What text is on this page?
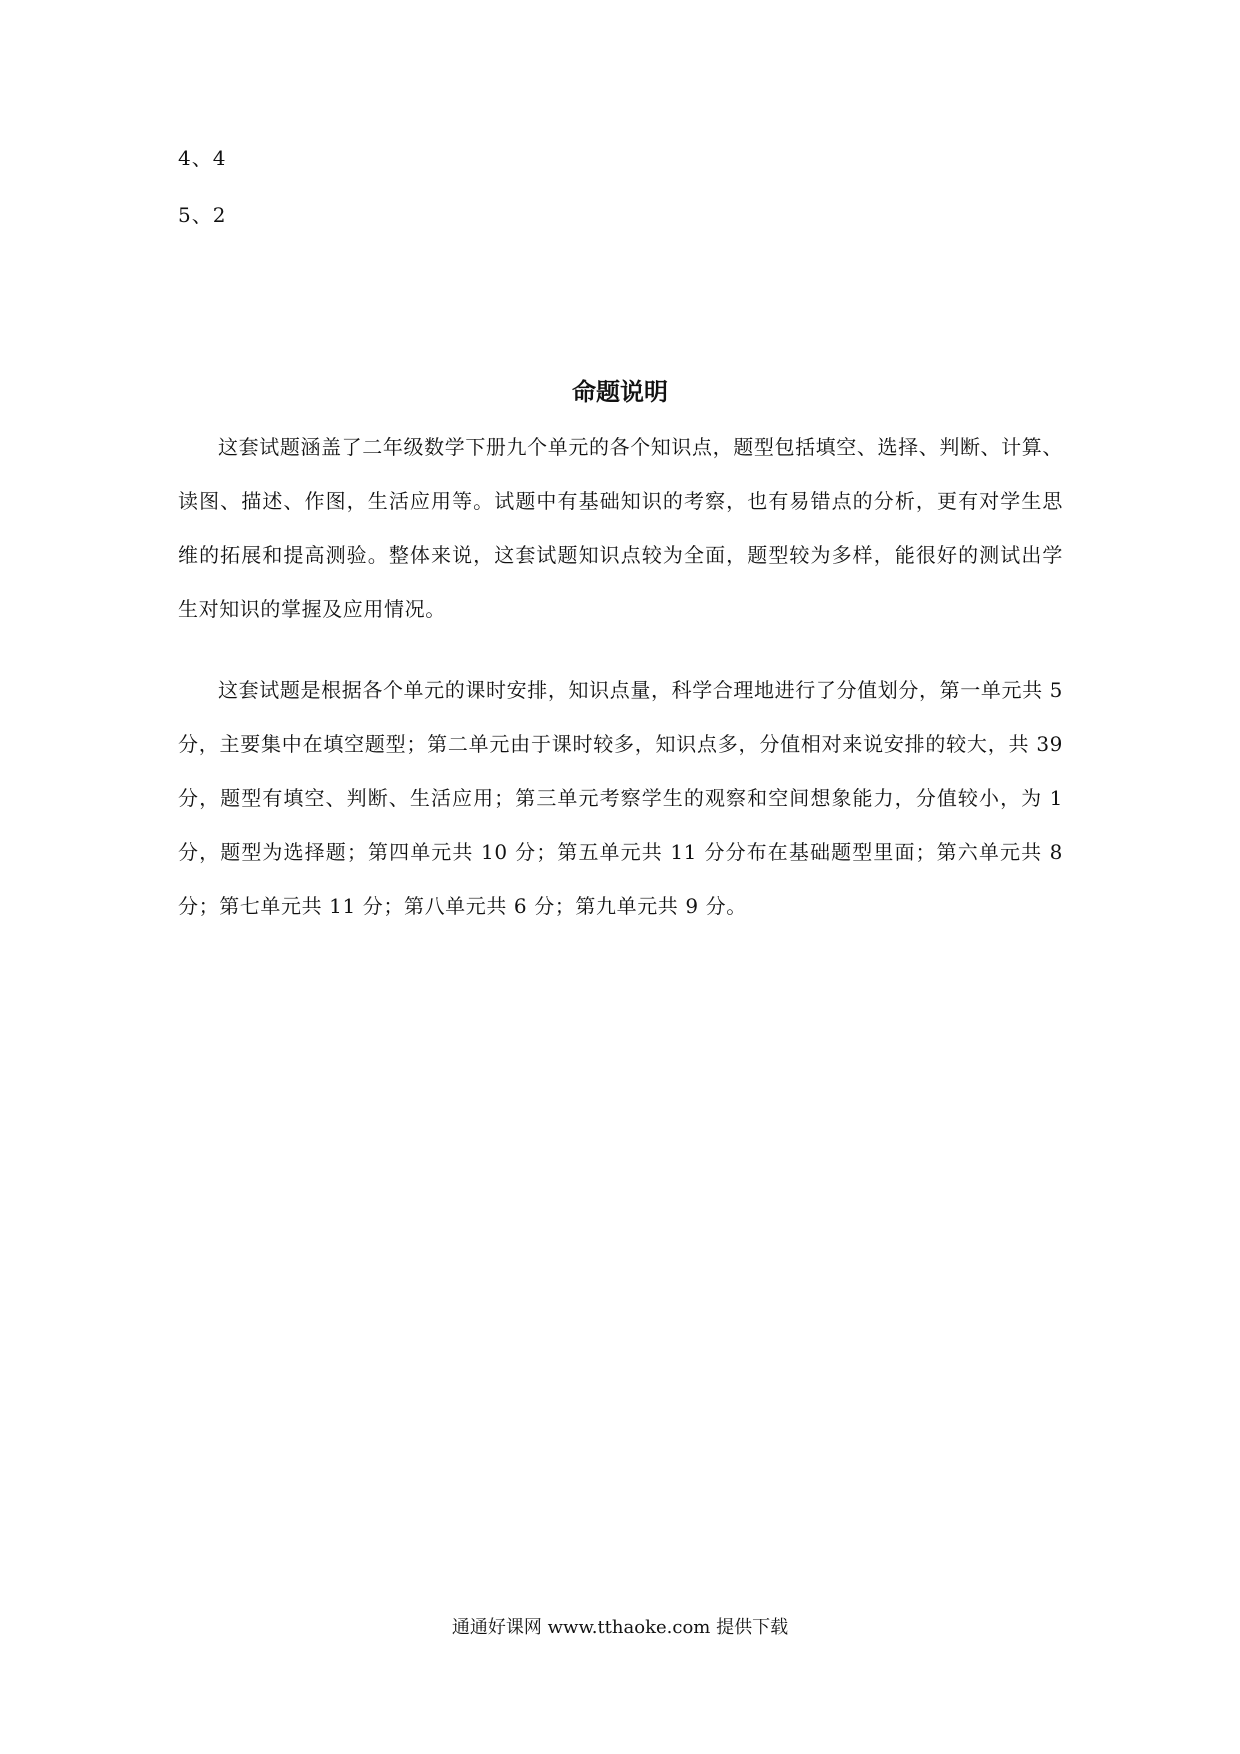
4、4
5、2
命题说明

这套试题涵盖了二年级数学下册九个单元的各个知识点，题型包括填空、选择、判断、计算、读图、描述、作图，生活应用等。试题中有基础知识的考察，也有易错点的分析，更有对学生思维的拓展和提高测验。整体来说，这套试题知识点较为全面，题型较为多样，能很好的测试出学生对知识的掌握及应用情况。

这套试题是根据各个单元的课时安排，知识点量，科学合理地进行了分值划分，第一单元共 5 分，主要集中在填空题型；第二单元由于课时较多，知识点多，分值相对来说安排的较大，共 39 分，题型有填空、判断、生活应用；第三单元考察学生的观察和空间想象能力，分值较小，为 1 分，题型为选择题；第四单元共 10 分；第五单元共 11 分分布在基础题型里面；第六单元共 8 分；第七单元共 11 分；第八单元共 6 分；第九单元共 9 分。

通通好课网 www.tthaoke.com 提供下载
